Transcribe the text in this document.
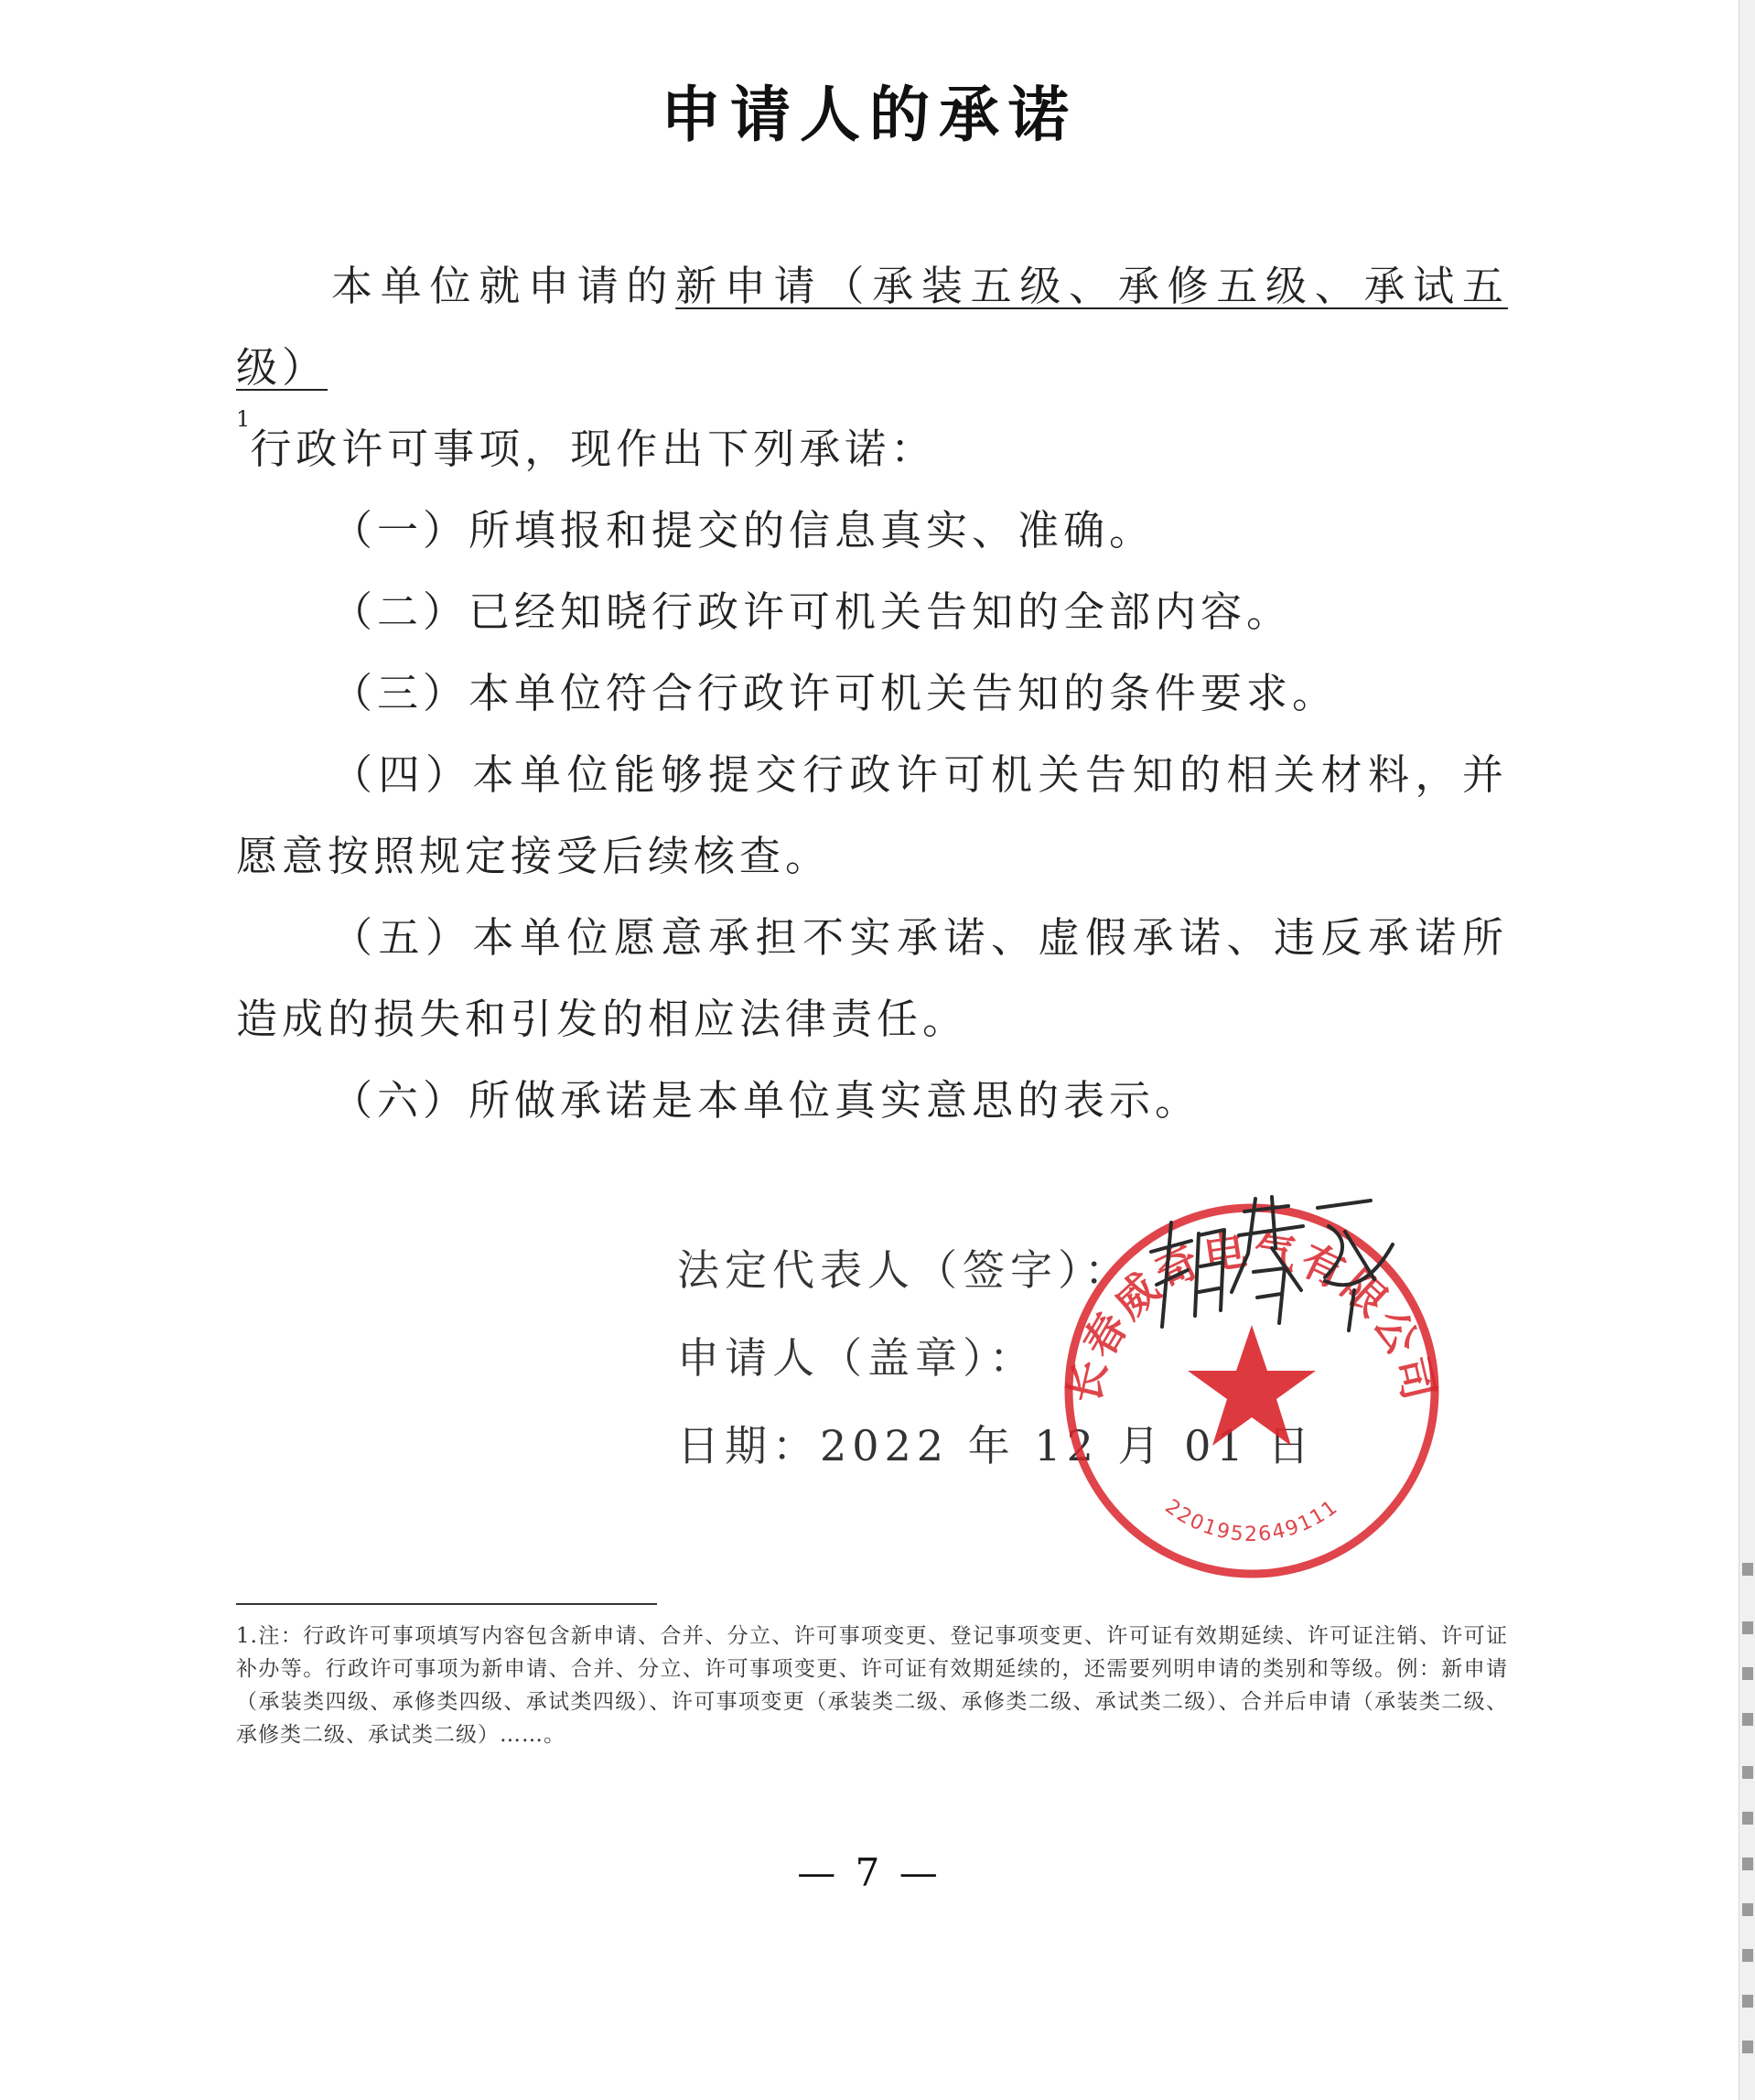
申请人的承诺

本单位就申请的新申请（承装五级、承修五级、承试五级）
$^1$行政许可事项，现作出下列承诺：

（一）所填报和提交的信息真实、准确。

（二）已经知晓行政许可机关告知的全部内容。

（三）本单位符合行政许可机关告知的条件要求。

（四）本单位能够提交行政许可机关告知的相关材料，并愿意按照规定接受后续核查。

（五）本单位愿意承担不实承诺、虚假承诺、违反承诺所造成的损失和引发的相应法律责任。

（六）所做承诺是本单位真实意思的表示。

法定代表人（签字）：
申请人（盖章）：
日期：2022 年 12 月 01 日
长春威奇电气有限公司
2201952649111
1.注：行政许可事项填写内容包含新申请、合并、分立、许可事项变更、登记事项变更、许可证有效期延续、许可证注销、许可证补办等。行政许可事项为新申请、合并、分立、许可事项变更、许可证有效期延续的，还需要列明申请的类别和等级。例：新申请（承装类四级、承修类四级、承试类四级）、许可事项变更（承装类二级、承修类二级、承试类二级）、合并后申请（承装类二级、承修类二级、承试类二级）……。
— 7 —
